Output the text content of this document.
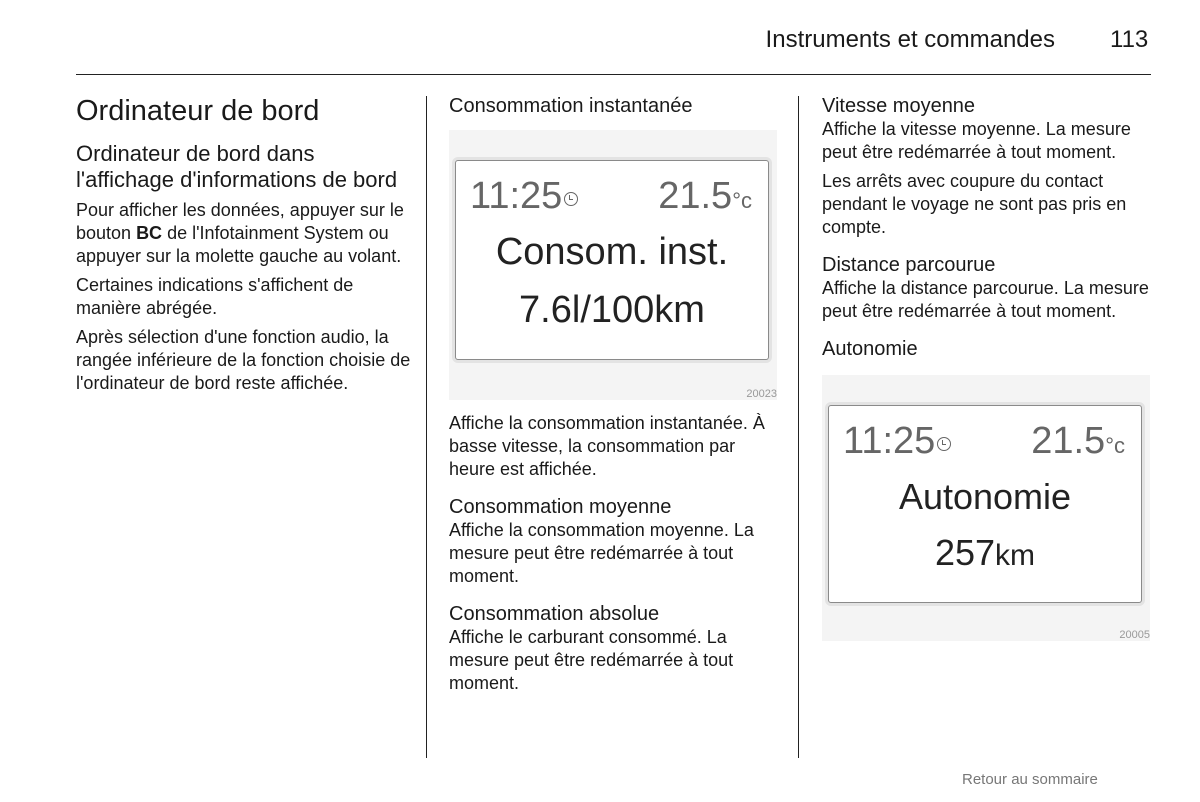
Instruments et commandes 113
Ordinateur de bord
Ordinateur de bord dans l'affichage d'informations de bord

Pour afficher les données, appuyer sur le bouton BC de l'Infotainment System ou appuyer sur la molette gauche au volant.

Certaines indications s'affichent de manière abrégée.

Après sélection d'une fonction audio, la rangée inférieure de la fonction choisie de l'ordinateur de bord reste affichée.

Consommation instantanée
11:25	21.5°c
Consom. inst.
7.6l/100km
20023

Affiche la consommation instantanée. À basse vitesse, la consommation par heure est affichée.

Consommation moyenne

Affiche la consommation moyenne. La mesure peut être redémarrée à tout moment.

Consommation absolue

Affiche le carburant consommé. La mesure peut être redémarrée à tout moment.

Vitesse moyenne

Affiche la vitesse moyenne. La mesure peut être redémarrée à tout moment.

Les arrêts avec coupure du contact pendant le voyage ne sont pas pris en compte.

Distance parcourue

Affiche la distance parcourue. La mesure peut être redémarrée à tout moment.

Autonomie
11:25	21.5°c
Autonomie
257km
20005
Retour au sommaire
